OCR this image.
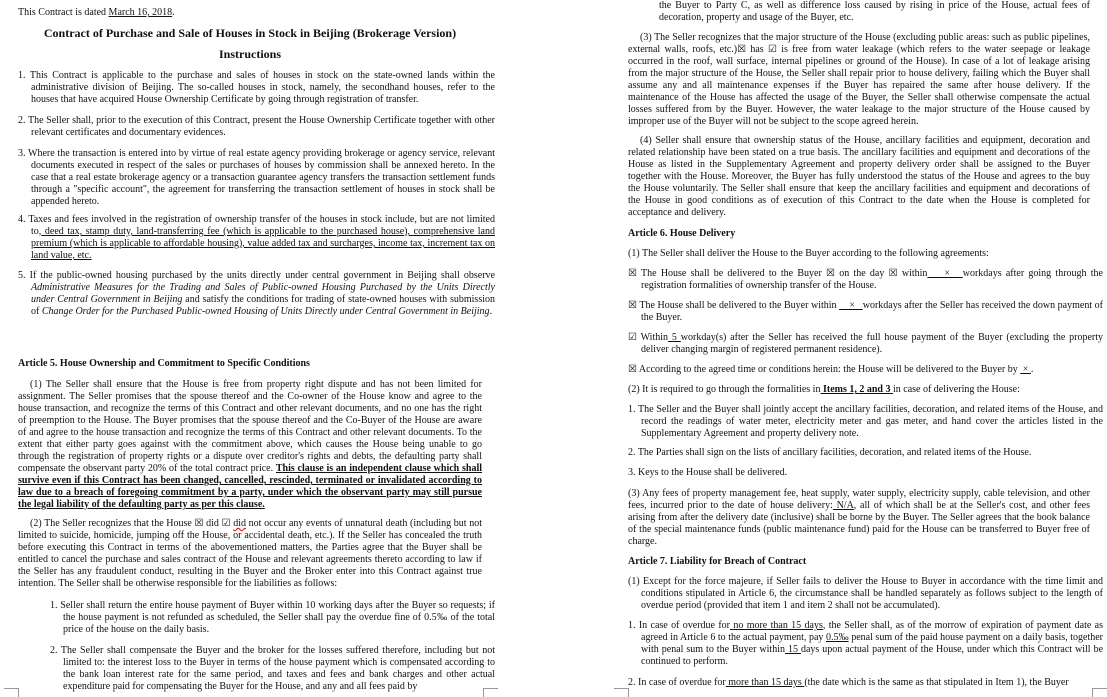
This Contract is dated March 16, 2018.
Contract of Purchase and Sale of Houses in Stock in Beijing (Brokerage Version)
Instructions

1. This Contract is applicable to the purchase and sales of houses in stock on the state-owned lands within the administrative division of Beijing. The so-called houses in stock, namely, the secondhand houses, refer to the houses that have acquired House Ownership Certificate by going through registration of transfer.

2. The Seller shall, prior to the execution of this Contract, present the House Ownership Certificate together with other relevant certificates and documentary evidences.

3. Where the transaction is entered into by virtue of real estate agency providing brokerage or agency service, relevant documents executed in respect of the sales or purchases of houses by commission shall be annexed hereto. In the case that a real estate brokerage agency or a transaction guarantee agency transfers the transaction settlement funds through a "specific account", the agreement for transferring the transaction settlement of houses in stock shall be appended hereto.

4. Taxes and fees involved in the registration of ownership transfer of the houses in stock include, but are not limited to, deed tax, stamp duty, land-transferring fee (which is applicable to the purchased house), comprehensive land premium (which is applicable to affordable housing), value added tax and surcharges, income tax, increment tax on land value, etc.

5. If the public-owned housing purchased by the units directly under central government in Beijing shall observe Administrative Measures for the Trading and Sales of Public-owned Housing Purchased by the Units Directly under Central Government in Beijing and satisfy the conditions for trading of state-owned houses with submission of Change Order for the Purchased Public-owned Housing of Units Directly under Central Government in Beijing.

Article 5. House Ownership and Commitment to Specific Conditions

(1) The Seller shall ensure that the House is free from property right dispute and has not been limited for assignment. The Seller promises that the spouse thereof and the Co-owner of the House know and agree to the house transaction, and recognize the terms of this Contract and other relevant documents, and no one has the right of preemption to the House. The Buyer promises that the spouse thereof and the Co-Buyer of the House are aware of and agree to the house transaction and recognize the terms of this Contract and other relevant documents. To the extent that either party goes against with the commitment above, which causes the House being unable to go through the registration of property rights or a dispute over creditor's rights and debts, the defaulting party shall compensate the observant party 20% of the total contract price. This clause is an independent clause which shall survive even if this Contract has been changed, cancelled, rescinded, terminated or invalidated according to law due to a breach of foregoing commitment by a party, under which the observant party may still pursue the legal liability of the defaulting party as per this clause.

(2) The Seller recognizes that the House ☒ did ☑ did not occur any events of unnatural death (including but not limited to suicide, homicide, jumping off the House, or accidental death, etc.). If the Seller has concealed the truth before executing this Contract in terms of the abovementioned matters, the Parties agree that the Buyer shall be entitled to cancel the purchase and sales contract of the House and relevant agreements thereto according to law if the Seller has any fraudulent conduct, resulting in the Buyer and the Broker enter into this Contract against true intention. The Seller shall be otherwise responsible for the liabilities as follows:

1. Seller shall return the entire house payment of Buyer within 10 working days after the Buyer so requests; if the house payment is not refunded as scheduled, the Seller shall pay the overdue fine of 0.5‰ of the total price of the house on the daily basis.

2. The Seller shall compensate the Buyer and the broker for the losses suffered therefore, including but not limited to: the interest loss to the Buyer in terms of the house payment which is compensated according to the bank loan interest rate for the same period, and taxes and fees and bank charges and other actual expenditure paid for compensating the Buyer for the House, and any and all fees paid by

the Buyer to Party C, as well as difference loss caused by rising in price of the House, actual fees of decoration, property and usage of the Buyer, etc.

(3) The Seller recognizes that the major structure of the House (excluding public areas: such as public pipelines, external walls, roofs, etc.)☒ has ☑ is free from water leakage (which refers to the water seepage or leakage occurred in the roof, wall surface, internal pipelines or ground of the House). In case of a lot of leakage arising from the major structure of the House, the Seller shall repair prior to house delivery, failing which the Buyer shall assume any and all maintenance expenses if the Buyer has repaired the same after house delivery. If the maintenance of the House has affected the usage of the Buyer, the Seller shall otherwise compensate the actual losses suffered from by the Buyer. However, the water leakage to the major structure of the House caused by improper use of the Buyer will not be subject to the scope agreed herein.

(4) Seller shall ensure that ownership status of the House, ancillary facilities and equipment, decoration and related relationship have been stated on a true basis. The ancillary facilities and equipment and decorations of the House as listed in the Supplementary Agreement and property delivery order shall be assigned to the Buyer together with the House. Moreover, the Buyer has fully understood the status of the House and agrees to the buy the House voluntarily. The Seller shall ensure that keep the ancillary facilities and equipment and decorations of the House in good conditions as of execution of this Contract to the date when the House is completed for acceptance and delivery.

Article 6. House Delivery

(1) The Seller shall deliver the House to the Buyer according to the following agreements:

☒ The House shall be delivered to the Buyer ☒ on the day ☒ within    ×   workdays after going through the registration formalities of ownership transfer of the House.

☒ The House shall be delivered to the Buyer within     ×   workdays after the Seller has received the down payment of the Buyer.

☑ Within 5 workday(s) after the Seller has received the full house payment of the Buyer (excluding the property deliver changing margin of registered permanent residence).

☒ According to the agreed time or conditions herein: the House will be delivered to the Buyer by  × .

(2) It is required to go through the formalities in Items 1, 2 and 3 in case of delivering the House:

1. The Seller and the Buyer shall jointly accept the ancillary facilities, decoration, and related items of the House, and record the readings of water meter, electricity meter and gas meter, and hand cover the articles listed in the Supplementary Agreement and property delivery note.

2. The Parties shall sign on the lists of ancillary facilities, decoration, and related items of the House.

3. Keys to the House shall be delivered.

(3) Any fees of property management fee, heat supply, water supply, electricity supply, cable television, and other fees, incurred prior to the date of house delivery: N/A, all of which shall be at the Seller's cost, and other fees arising from after the delivery date (inclusive) shall be borne by the Buyer. The Seller agrees that the book balance of the special maintenance funds (public maintenance fund) paid for the House can be transferred to Buyer free of charge.

Article 7. Liability for Breach of Contract

(1) Except for the force majeure, if Seller fails to deliver the House to Buyer in accordance with the time limit and conditions stipulated in Article 6, the circumstance shall be handled separately as follows subject to the length of overdue period (provided that item 1 and item 2 shall not be accumulated).

1. In case of overdue for no more than 15 days, the Seller shall, as of the morrow of expiration of payment date as agreed in Article 6 to the actual payment, pay 0.5‰ penal sum of the paid house payment on a daily basis, together with penal sum to the Buyer within 15 days upon actual payment of the House, under which this Contract will be continued to perform.

2. In case of overdue for more than 15 days (the date which is the same as that stipulated in Item 1), the Buyer
